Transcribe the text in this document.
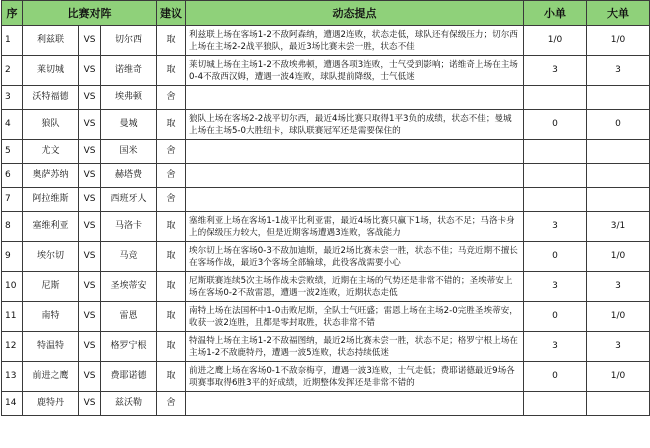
序	比赛对阵			建议	动态提点	小单	大单
1	利兹联	VS	切尔西	取	利兹联上场在客场1-2不敌阿森纳，遭遇2连败，状态走低，球队还有保级压力；切尔西上场在主场2-2战平狼队，最近3场比赛未尝一胜，状态不佳	1/0	1/0
2	莱切城	VS	诺维奇	取	莱切城上场在主场1-2不敌埃弗顿，遭遇各项3连败，士气受到影响；诺维奇上场在主场0-4不敌西汉姆，遭遇一波4连败，球队提前降级，士气低迷	3	3
3	沃特福德	VS	埃弗顿	舍			
4	狼队	VS	曼城	取	狼队上场在客场2-2战平切尔西，最近4场比赛只取得1平3负的成绩，状态不佳；曼城上场在主场5-0大胜纽卡，球队联赛冠军还是需要保住的	0	0
5	尤文	VS	国米	舍			
6	奥萨苏纳	VS	赫塔费	舍			
7	阿拉维斯	VS	西班牙人	舍			
8	塞维利亚	VS	马洛卡	取	塞维利亚上场在客场1-1战平比利亚雷，最近4场比赛只赢下1场，状态不足；马洛卡身上的保级压力较大，但是近期客场遭遇3连败，客战能力	3	3/1
9	埃尔切	VS	马竞	取	埃尔切上场在客场0-3不敌加迪斯，最近2场比赛未尝一胜，状态不佳；马竞近期不擅长在客场作战，最近3个客场全部输球，此役客战需要小心	0	1/0
10	尼斯	VS	圣埃蒂安	取	尼斯联赛连续5次主场作战未尝败绩，近期在主场的气势还是非常不错的；圣埃蒂安上场在客场0-2不敌雷恩，遭遇一波2连败，近期状态走低	3	3
11	南特	VS	雷恩	取	南特上场在法国杯中1-0击败尼斯，全队士气旺盛；雷恩上场在主场2-0完胜圣埃蒂安，收获一波2连胜，且都是零封取胜，状态非常不错	0	1/0
12	特温特	VS	格罗宁根	取	特温特上场在主场1-2不敌福图纳，最近2场比赛未尝一胜，状态不足；格罗宁根上场在主场1-2不敌鹿特丹，遭遇一波5连败，状态持续低迷	3	3
13	前进之鹰	VS	费耶诺德	取	前进之鹰上场在客场0-1不敌奈梅亨，遭遇一波3连败，士气走低；费耶诺德最近9场各项赛事取得6胜3平的好成绩，近期整体发挥还是非常不错的	0	1/0
14	鹿特丹	VS	兹沃勒	舍			
